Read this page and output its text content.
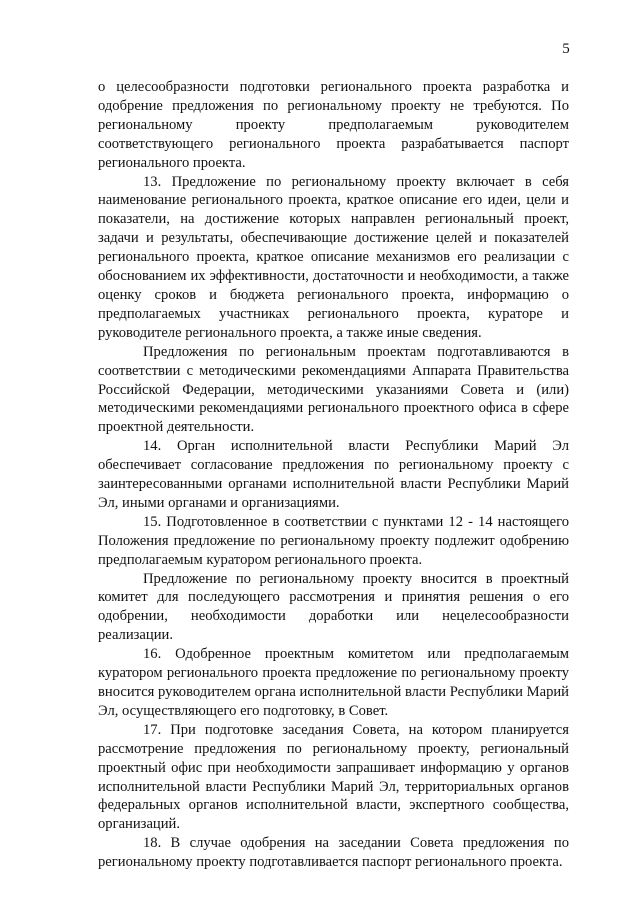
5

о целесообразности подготовки регионального проекта разработка и одобрение предложения по региональному проекту не требуются. По региональному проекту предполагаемым руководителем соответствующего регионального проекта разрабатывается паспорт регионального проекта.

13. Предложение по региональному проекту включает в себя наименование регионального проекта, краткое описание его идеи, цели и показатели, на достижение которых направлен региональный проект, задачи и результаты, обеспечивающие достижение целей и показателей регионального проекта, краткое описание механизмов его реализации с обоснованием их эффективности, достаточности и необходимости, а также оценку сроков и бюджета регионального проекта, информацию о предполагаемых участниках регионального проекта, кураторе и руководителе регионального проекта, а также иные сведения.

Предложения по региональным проектам подготавливаются в соответствии с методическими рекомендациями Аппарата Правительства Российской Федерации, методическими указаниями Совета и (или) методическими рекомендациями регионального проектного офиса в сфере проектной деятельности.

14. Орган исполнительной власти Республики Марий Эл обеспечивает согласование предложения по региональному проекту с заинтересованными органами исполнительной власти Республики Марий Эл, иными органами и организациями.

15. Подготовленное в соответствии с пунктами 12 - 14 настоящего Положения предложение по региональному проекту подлежит одобрению предполагаемым куратором регионального проекта.

Предложение по региональному проекту вносится в проектный комитет для последующего рассмотрения и принятия решения о его одобрении, необходимости доработки или нецелесообразности реализации.

16. Одобренное проектным комитетом или предполагаемым куратором регионального проекта предложение по региональному проекту вносится руководителем органа исполнительной власти Республики Марий Эл, осуществляющего его подготовку, в Совет.

17. При подготовке заседания Совета, на котором планируется рассмотрение предложения по региональному проекту, региональный проектный офис при необходимости запрашивает информацию у органов исполнительной власти Республики Марий Эл, территориальных органов федеральных органов исполнительной власти, экспертного сообщества, организаций.

18. В случае одобрения на заседании Совета предложения по региональному проекту подготавливается паспорт регионального проекта.
